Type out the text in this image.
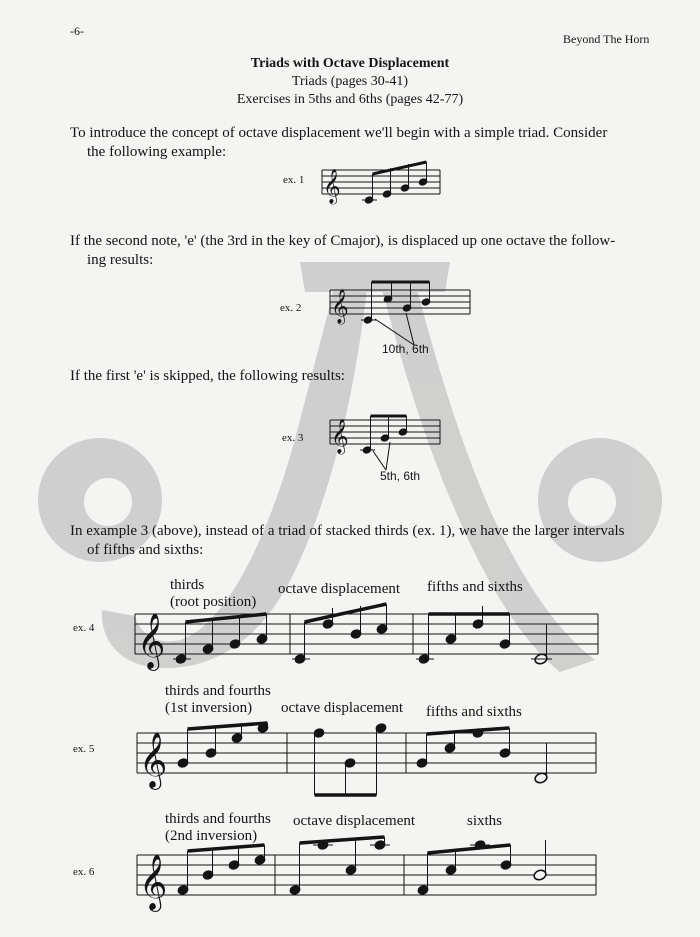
-6-
Beyond The Horn
Triads with Octave Displacement
Triads (pages 30-41)
Exercises in 5ths and 6ths (pages 42-77)
To introduce the concept of octave displacement we'll begin with a simple triad. Consider
the following example:
ex. 1 𝄞
If the second note, 'e' (the 3rd in the key of Cmajor), is displaced up one octave the follow-
ing results:
ex. 2 𝄞
10th, 6th
If the first 'e' is skipped, the following results:
ex. 3 𝄞
5th, 6th
In example 3 (above), instead of a triad of stacked thirds (ex. 1), we have the larger intervals
of fifths and sixths:
thirds
(root position)
octave displacement fifths and sixths
ex. 4 𝄞
thirds and fourths
(1st inversion)	octave displacement fifths and sixths
ex. 5 𝄞
thirds and fourths
(2nd inversion)
octave displacement	sixths
ex. 6 𝄞
